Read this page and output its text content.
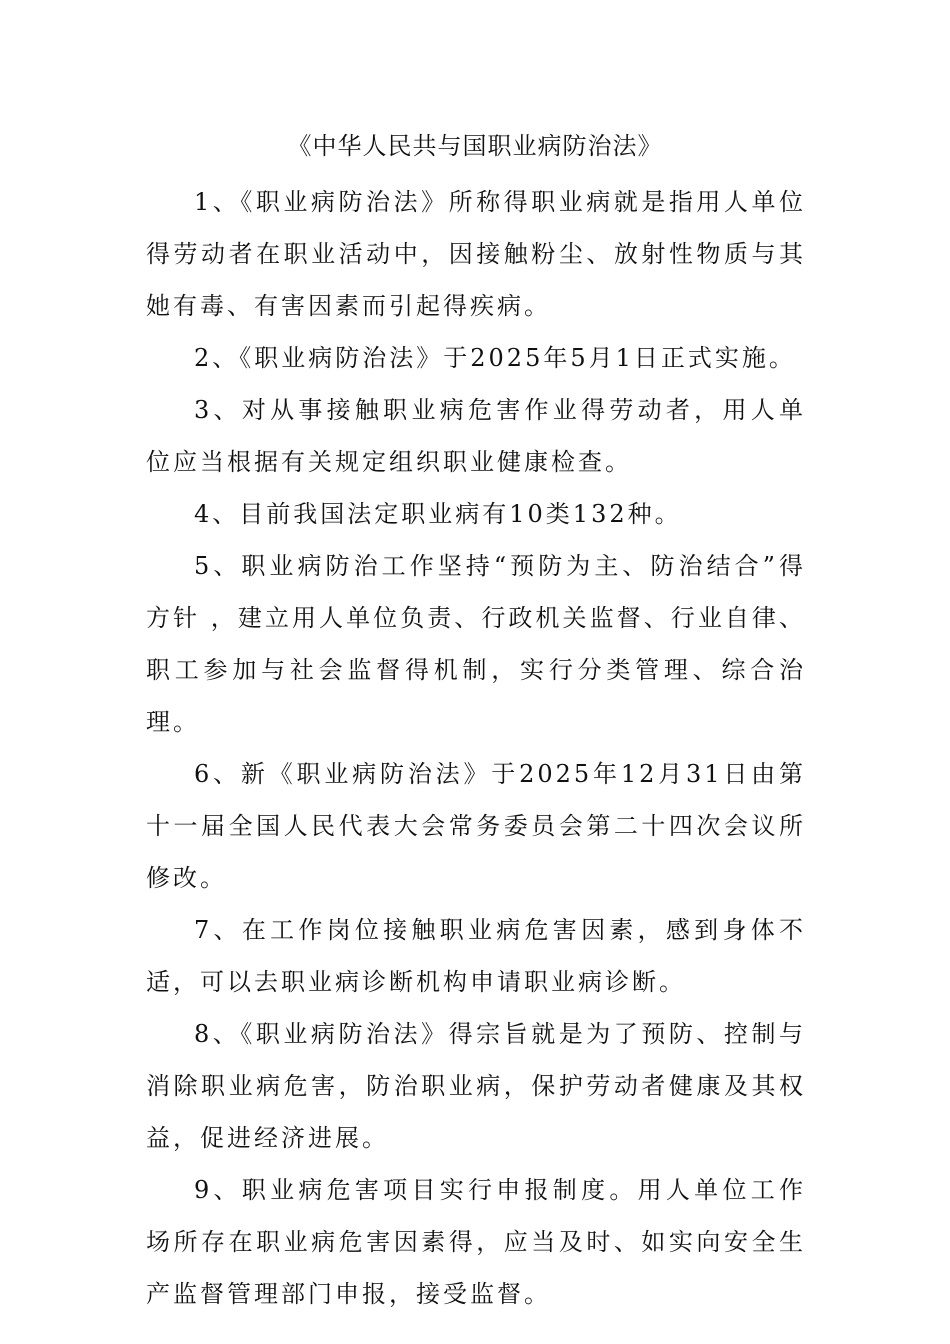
《中华人民共与国职业病防治法》

1、《职业病防治法》所称得职业病就是指用人单位得劳动者在职业活动中，因接触粉尘、放射性物质与其她有毒、有害因素而引起得疾病。

2、《职业病防治法》于2025年5月1日正式实施。

3、对从事接触职业病危害作业得劳动者，用人单位应当根据有关规定组织职业健康检查。

4、目前我国法定职业病有10类132种。

5、职业病防治工作坚持“预防为主、防治结合”得方针 ，建立用人单位负责、行政机关监督、行业自律、职工参加与社会监督得机制，实行分类管理、综合治理。

6、新《职业病防治法》于2025年12月31日由第十一届全国人民代表大会常务委员会第二十四次会议所修改。

7、在工作岗位接触职业病危害因素，感到身体不适，可以去职业病诊断机构申请职业病诊断。

8、《职业病防治法》得宗旨就是为了预防、控制与消除职业病危害，防治职业病，保护劳动者健康及其权益，促进经济进展。

9、职业病危害项目实行申报制度。用人单位工作场所存在职业病危害因素得，应当及时、如实向安全生产监督管理部门申报，接受监督。
